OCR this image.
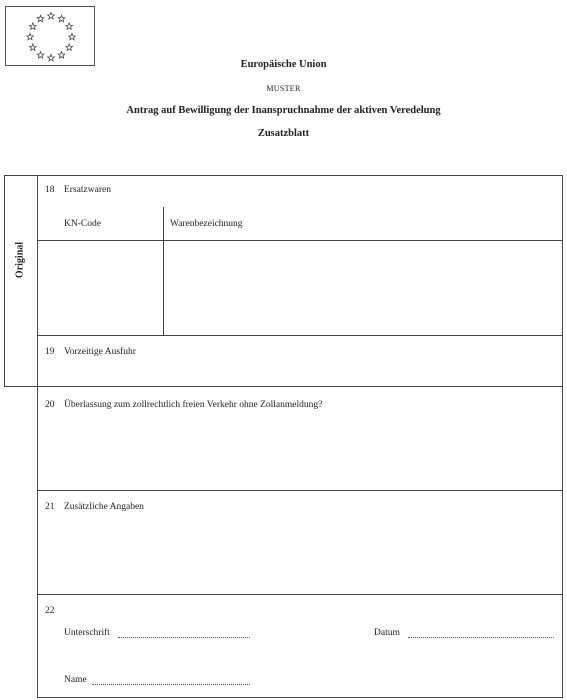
Europäische Union
MUSTER
Antrag auf Bewilligung der Inanspruchnahme der aktiven Veredelung
Zusatzblatt
Original
18 Ersatzwaren
KN-Code	Warenbezeichnung
19 Vorzeitige Ausfuhr
20 Überlassung zum zollrechtlich freien Verkehr ohne Zollanmeldung?
21 Zusätzliche Angaben
22
Unterschrift	Datum
Name
